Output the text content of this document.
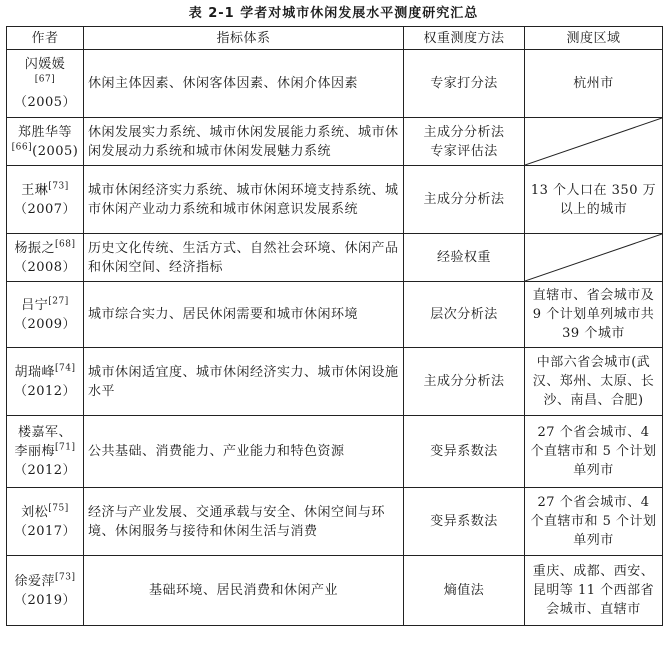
表 2-1 学者对城市休闲发展水平测度研究汇总
作者	指标体系	权重测度方法	测度区域

闪媛媛
[67]
（2005）	休闲主体因素、休闲客体因素、休闲介体因素	专家打分法	杭州市

郑胜华等
[66](2005)	休闲发展实力系统、城市休闲发展能力系统、城市休闲发展动力系统和城市休闲发展魅力系统	主成分分析法
专家评估法

王琳[73]
（2007）	城市休闲经济实力系统、城市休闲环境支持系统、城市休闲产业动力系统和城市休闲意识发展系统	主成分分析法	13 个人口在 350 万以上的城市

杨振之[68]
（2008）	历史文化传统、生活方式、自然社会环境、休闲产品和休闲空间、经济指标	经验权重	

吕宁[27]
（2009）	城市综合实力、居民休闲需要和城市休闲环境	层次分析法	直辖市、省会城市及 9 个计划单列城市共 39 个城市

胡瑞峰[74]
（2012）	城市休闲适宜度、城市休闲经济实力、城市休闲设施水平	主成分分析法	中部六省会城市(武汉、郑州、太原、长沙、南昌、合肥)

楼嘉军、
李丽梅[71]
（2012）	公共基础、消费能力、产业能力和特色资源	变异系数法	27 个省会城市、4 个直辖市和 5 个计划单列市

刘松[75]
（2017）	经济与产业发展、交通承载与安全、休闲空间与环境、休闲服务与接待和休闲生活与消费	变异系数法	27 个省会城市、4 个直辖市和 5 个计划单列市

徐爱萍[73]
（2019）	基础环境、居民消费和休闲产业	熵值法	重庆、成都、西安、昆明等 11 个西部省会城市、直辖市
